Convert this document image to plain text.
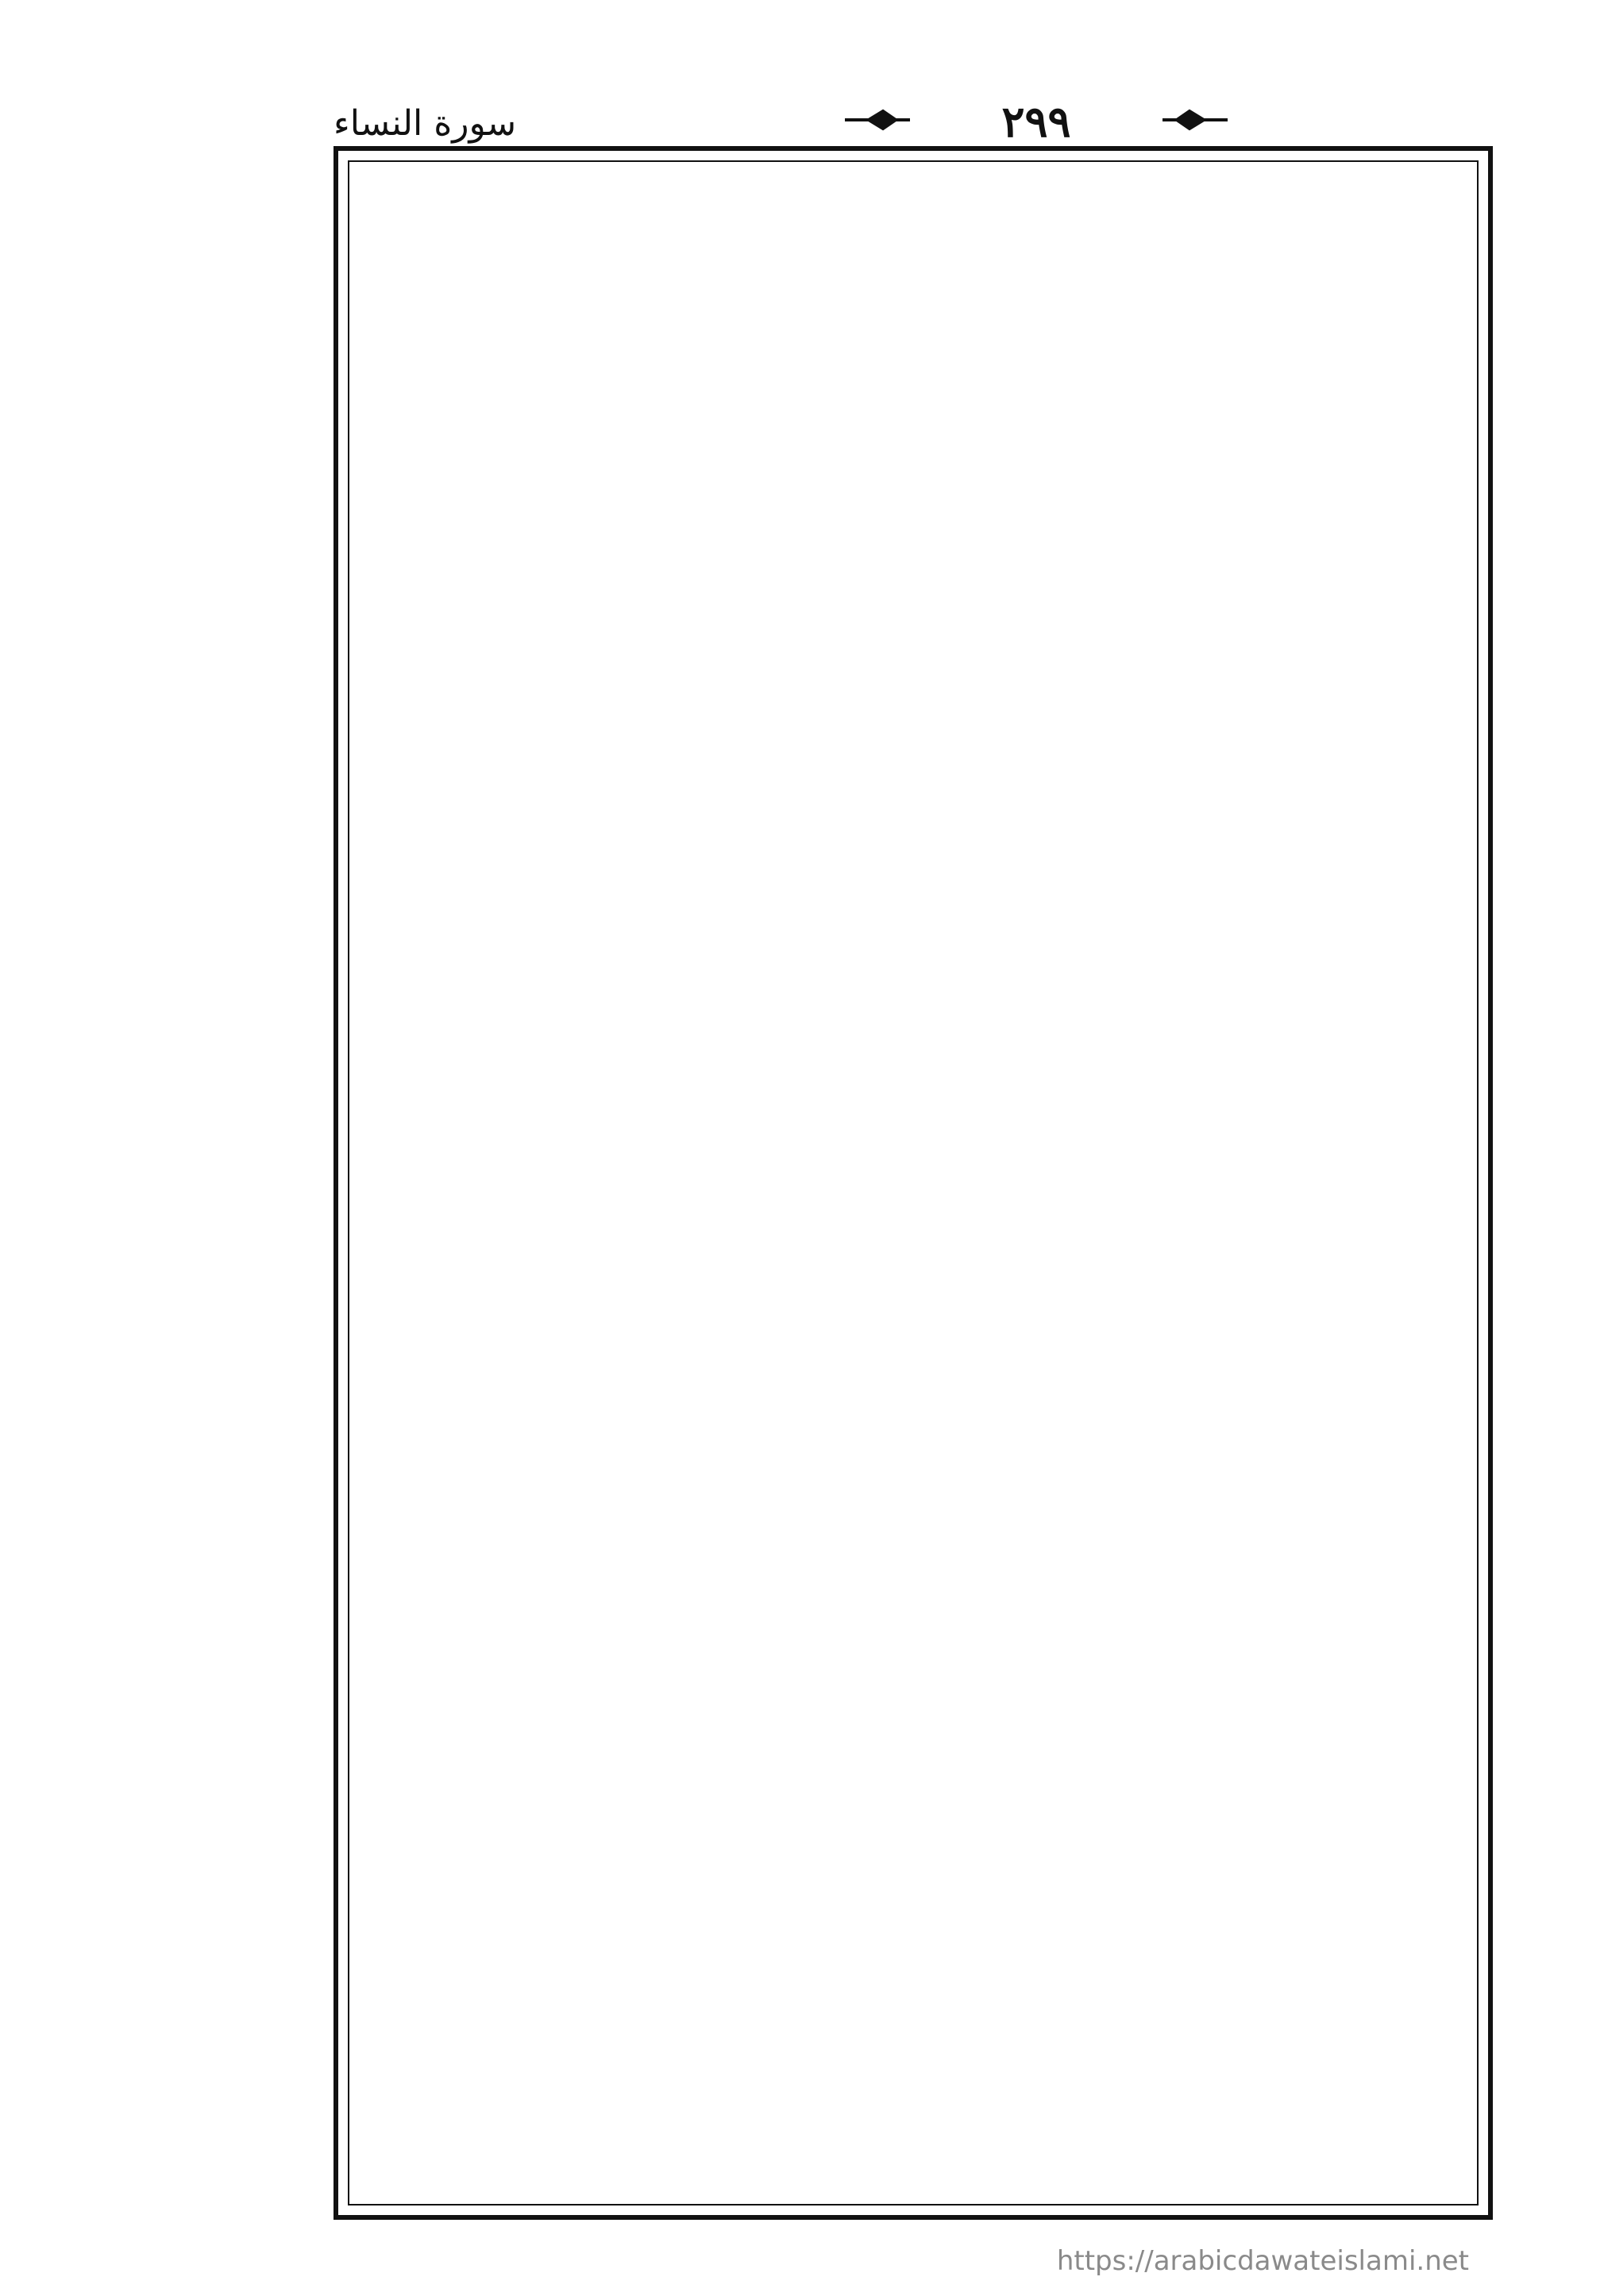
سورة النساء	٢٩٩
https://arabicdawateislami.net
